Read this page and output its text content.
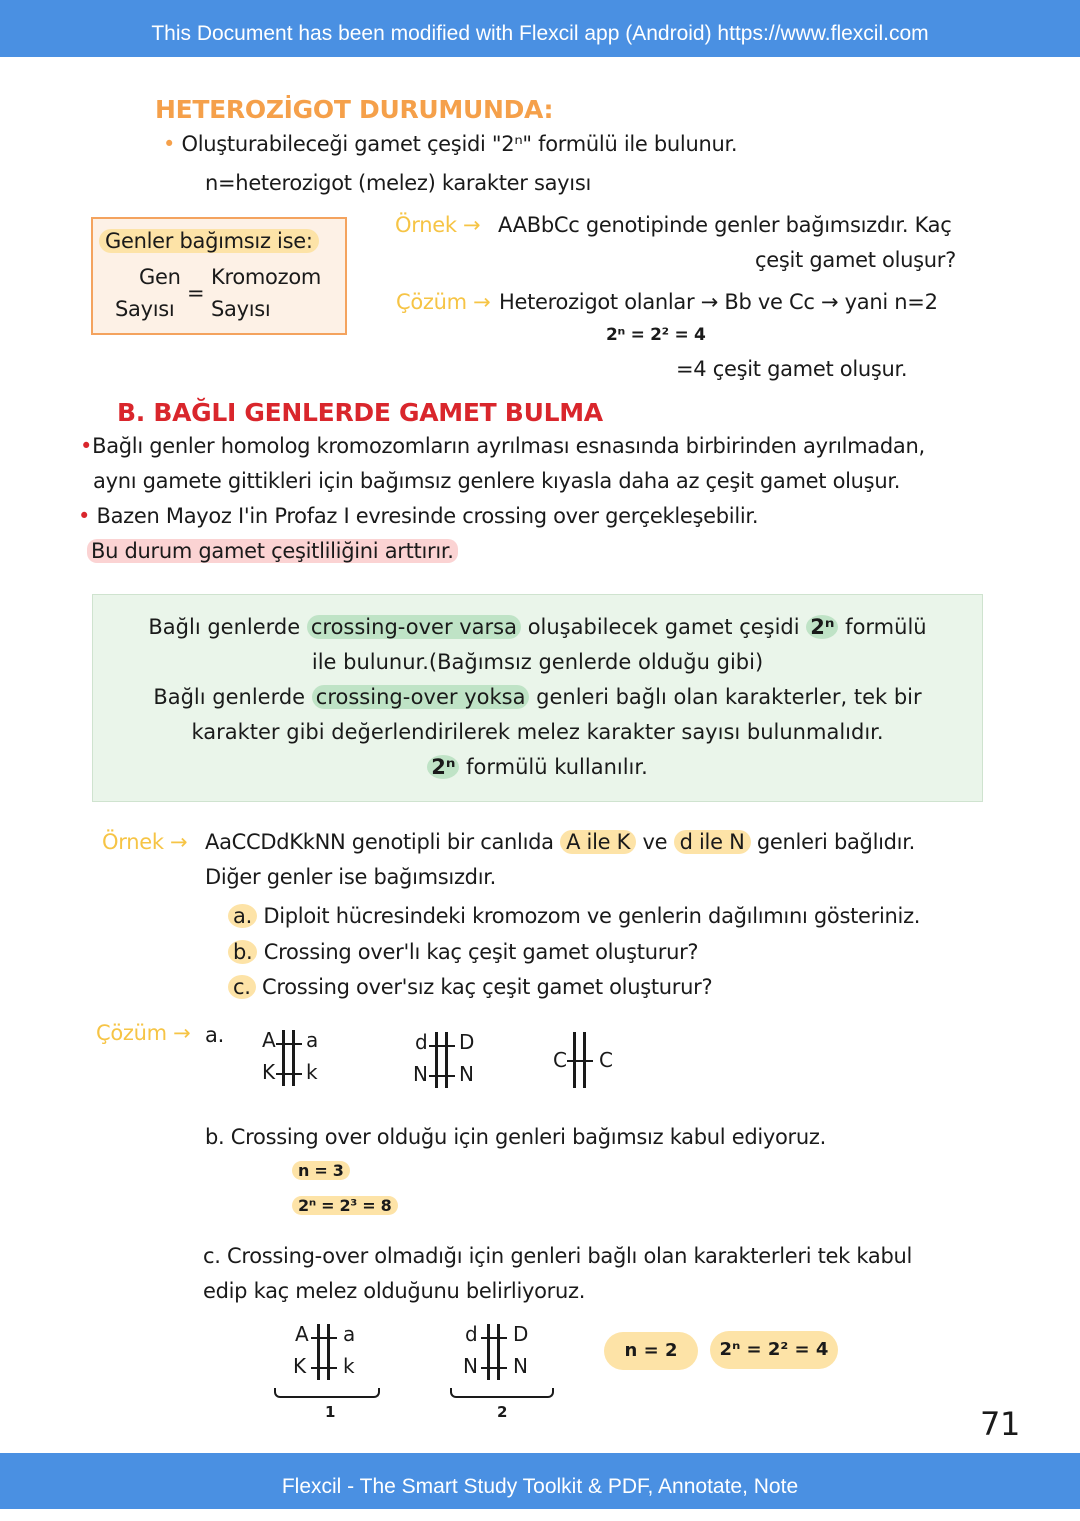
This Document has been modified with Flexcil app (Android) https://www.flexcil.com
HETEROZİGOT DURUMUNDA:
• Oluşturabileceği gamet çeşidi "2ⁿ" formülü ile bulunur.
n=heterozigot (melez) karakter sayısı
Genler bağımsız ise:
Gen Kromozom
=
Sayısı Sayısı
Örnek → AABbCc genotipinde genler bağımsızdır. Kaç
çeşit gamet oluşur?
Çözüm → Heterozigot olanlar → Bb ve Cc → yani n=2
2ⁿ = 2² = 4
=4 çeşit gamet oluşur.
B. BAĞLI GENLERDE GAMET BULMA
•Bağlı genler homolog kromozomların ayrılması esnasında birbirinden ayrılmadan,
aynı gamete gittikleri için bağımsız genlere kıyasla daha az çeşit gamet oluşur.
• Bazen Mayoz I'in Profaz I evresinde crossing over gerçekleşebilir.
Bu durum gamet çeşitliliğini arttırır.
Bağlı genlerde crossing-over varsa oluşabilecek gamet çeşidi 2ⁿ formülü
ile bulunur.(Bağımsız genlerde olduğu gibi)
Bağlı genlerde crossing-over yoksa genleri bağlı olan karakterler, tek bir
karakter gibi değerlendirilerek melez karakter sayısı bulunmalıdır.
2ⁿ formülü kullanılır.
Örnek → AaCCDdKkNN genotipli bir canlıda A ile K ve d ile N genleri bağlıdır.
Diğer genler ise bağımsızdır.
a. Diploit hücresindeki kromozom ve genlerin dağılımını gösteriniz.
b. Crossing over'lı kaç çeşit gamet oluşturur?
c. Crossing over'sız kaç çeşit gamet oluşturur?
Çözüm → a. A a
K k
d D
N N
C C
b. Crossing over olduğu için genleri bağımsız kabul ediyoruz.
n = 3
2ⁿ = 2³ = 8
c. Crossing-over olmadığı için genleri bağlı olan karakterleri tek kabul
edip kaç melez olduğunu belirliyoruz.
A a
K k
1
d D
N N
2
n = 2	2ⁿ = 2² = 4
71
Flexcil - The Smart Study Toolkit & PDF, Annotate, Note
